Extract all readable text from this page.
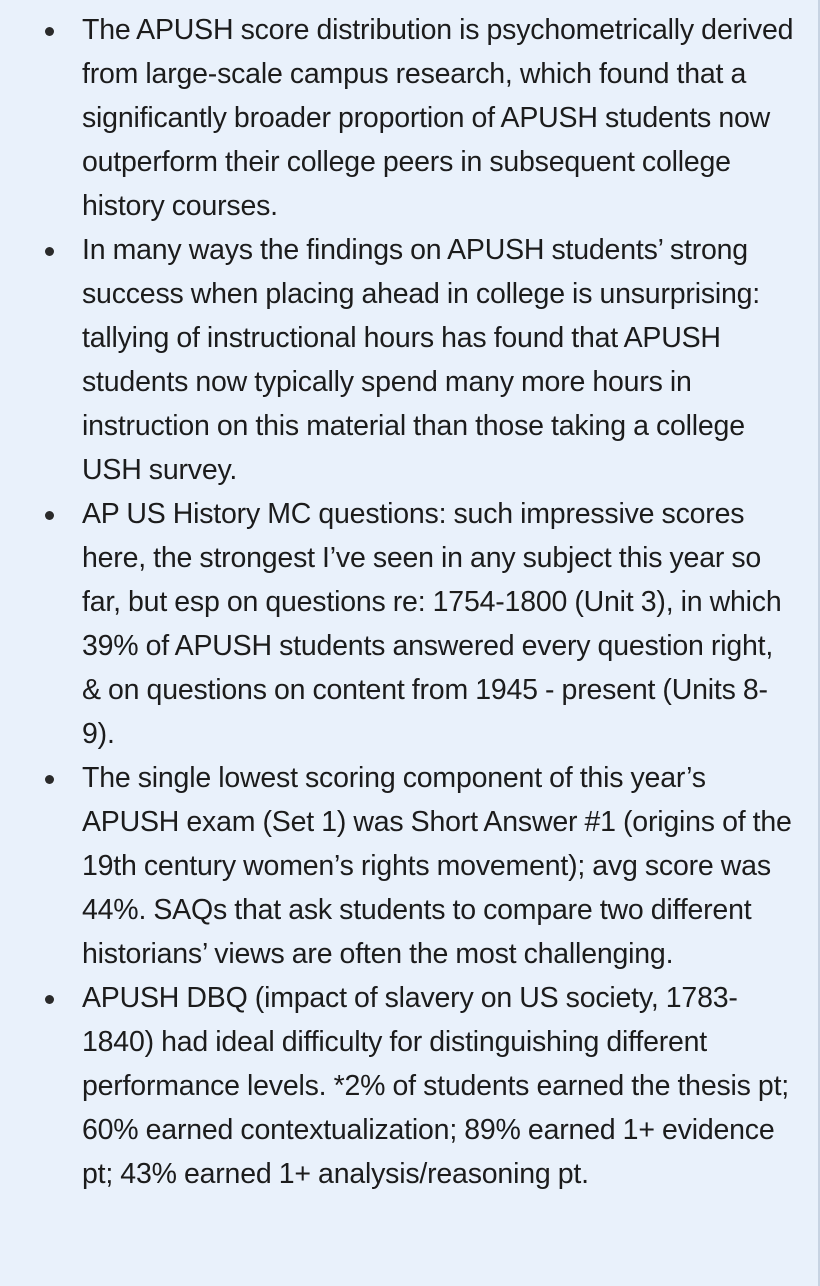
The APUSH score distribution is psychometrically derived from large-scale campus research, which found that a significantly broader proportion of APUSH students now outperform their college peers in subsequent college history courses.
In many ways the findings on APUSH students’ strong success when placing ahead in college is unsurprising: tallying of instructional hours has found that APUSH students now typically spend many more hours in instruction on this material than those taking a college USH survey.
AP US History MC questions: such impressive scores here, the strongest I’ve seen in any subject this year so far, but esp on questions re: 1754-1800 (Unit 3), in which 39% of APUSH students answered every question right, & on questions on content from 1945 - present (Units 8-9).
The single lowest scoring component of this year’s APUSH exam (Set 1) was Short Answer #1 (origins of the 19th century women’s rights movement); avg score was 44%. SAQs that ask students to compare two different historians’ views are often the most challenging.
APUSH DBQ (impact of slavery on US society, 1783-1840) had ideal difficulty for distinguishing different performance levels. *2% of students earned the thesis pt; 60% earned contextualization; 89% earned 1+ evidence pt; 43% earned 1+ analysis/reasoning pt.
